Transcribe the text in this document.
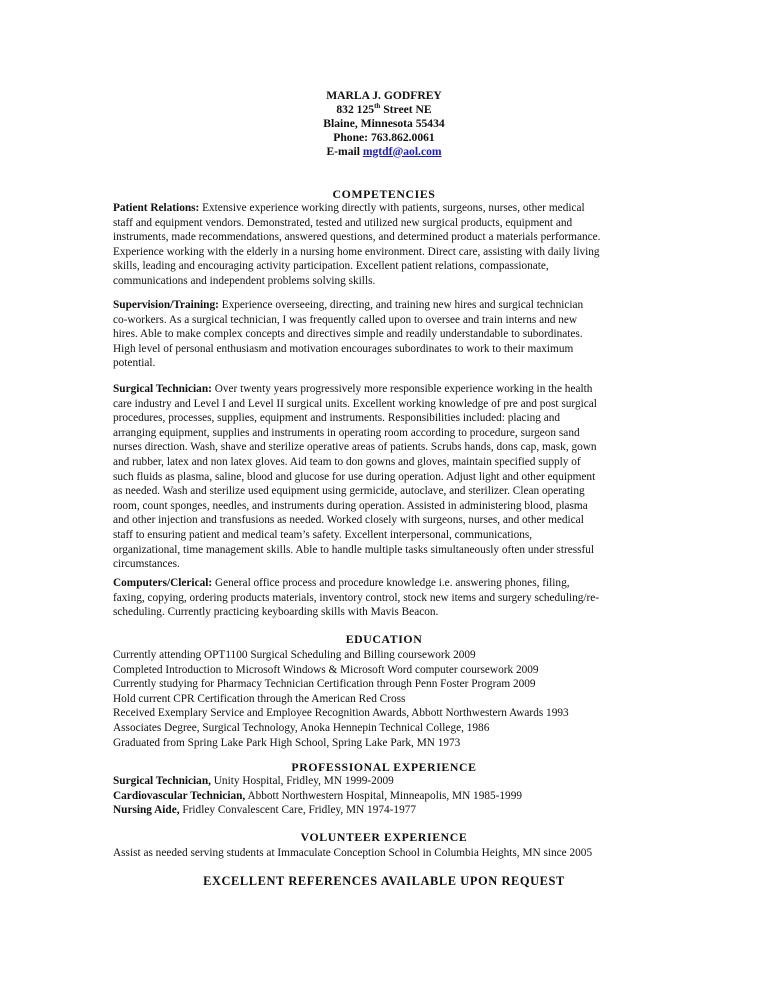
MARLA J. GODFREY
832 125th Street NE
Blaine, Minnesota 55434
Phone: 763.862.0061
E-mail mgtdf@aol.com
COMPETENCIES
Patient Relations: Extensive experience working directly with patients, surgeons, nurses, other medical
staff and equipment vendors. Demonstrated, tested and utilized new surgical products, equipment and
instruments, made recommendations, answered questions, and determined product a materials performance.
Experience working with the elderly in a nursing home environment. Direct care, assisting with daily living
skills, leading and encouraging activity participation. Excellent patient relations, compassionate,
communications and independent problems solving skills.
Supervision/Training: Experience overseeing, directing, and training new hires and surgical technician
co-workers. As a surgical technician, I was frequently called upon to oversee and train interns and new
hires. Able to make complex concepts and directives simple and readily understandable to subordinates.
High level of personal enthusiasm and motivation encourages subordinates to work to their maximum
potential.
Surgical Technician: Over twenty years progressively more responsible experience working in the health
care industry and Level I and Level II surgical units. Excellent working knowledge of pre and post surgical
procedures, processes, supplies, equipment and instruments. Responsibilities included: placing and
arranging equipment, supplies and instruments in operating room according to procedure, surgeon sand
nurses direction. Wash, shave and sterilize operative areas of patients. Scrubs hands, dons cap, mask, gown
and rubber, latex and non latex gloves. Aid team to don gowns and gloves, maintain specified supply of
such fluids as plasma, saline, blood and glucose for use during operation. Adjust light and other equipment
as needed. Wash and sterilize used equipment using germicide, autoclave, and sterilizer. Clean operating
room, count sponges, needles, and instruments during operation. Assisted in administering blood, plasma
and other injection and transfusions as needed. Worked closely with surgeons, nurses, and other medical
staff to ensuring patient and medical team’s safety. Excellent interpersonal, communications,
organizational, time management skills. Able to handle multiple tasks simultaneously often under stressful
circumstances.
Computers/Clerical: General office process and procedure knowledge i.e. answering phones, filing,
faxing, copying, ordering products materials, inventory control, stock new items and surgery scheduling/re-
scheduling. Currently practicing keyboarding skills with Mavis Beacon.
EDUCATION
Currently attending OPT1100 Surgical Scheduling and Billing coursework 2009
Completed Introduction to Microsoft Windows & Microsoft Word computer coursework 2009
Currently studying for Pharmacy Technician Certification through Penn Foster Program 2009
Hold current CPR Certification through the American Red Cross
Received Exemplary Service and Employee Recognition Awards, Abbott Northwestern Awards 1993
Associates Degree, Surgical Technology, Anoka Hennepin Technical College, 1986
Graduated from Spring Lake Park High School, Spring Lake Park, MN 1973
PROFESSIONAL EXPERIENCE
Surgical Technician, Unity Hospital, Fridley, MN 1999-2009
Cardiovascular Technician, Abbott Northwestern Hospital, Minneapolis, MN 1985-1999
Nursing Aide, Fridley Convalescent Care, Fridley, MN 1974-1977
VOLUNTEER EXPERIENCE
Assist as needed serving students at Immaculate Conception School in Columbia Heights, MN since 2005
EXCELLENT REFERENCES AVAILABLE UPON REQUEST
